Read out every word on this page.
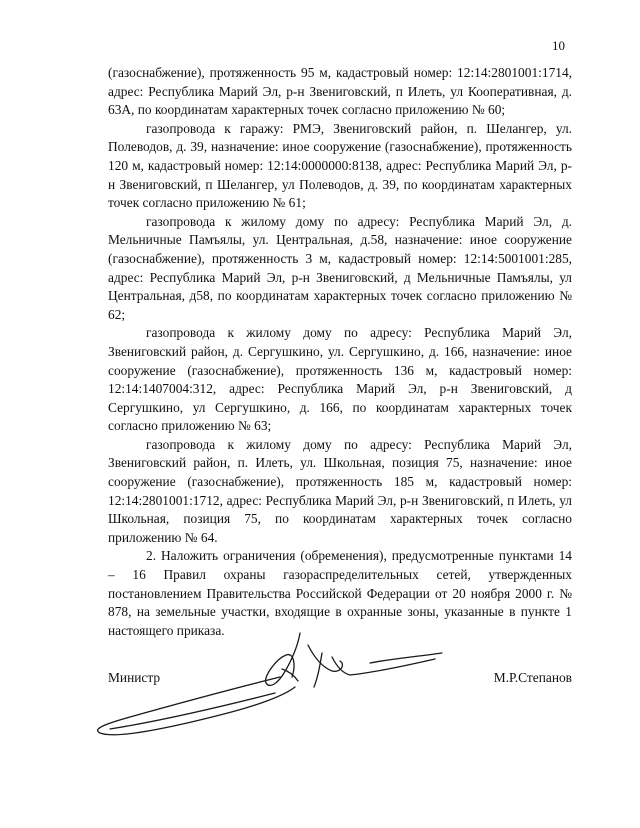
10

(газоснабжение), протяженность 95 м, кадастровый номер: 12:14:2801001:1714, адрес: Республика Марий Эл, р-н Звениговский, п Илеть, ул Кооперативная, д. 63А, по координатам характерных точек согласно приложению № 60;

газопровода к гаражу: РМЭ, Звениговский район, п. Шелангер, ул. Полеводов, д. 39, назначение: иное сооружение (газоснабжение), протяженность 120 м, кадастровый номер: 12:14:0000000:8138, адрес: Республика Марий Эл, р-н Звениговский, п Шелангер, ул Полеводов, д. 39, по координатам характерных точек согласно приложению № 61;

газопровода к жилому дому по адресу: Республика Марий Эл, д. Мельничные Памъялы, ул. Центральная, д.58, назначение: иное сооружение (газоснабжение), протяженность 3 м, кадастровый номер: 12:14:5001001:285, адрес: Республика Марий Эл, р-н Звениговский, д Мельничные Памъялы, ул Центральная, д58, по координатам характерных точек согласно приложению № 62;

газопровода к жилому дому по адресу: Республика Марий Эл, Звениговский район, д. Сергушкино, ул. Сергушкино, д. 166, назначение: иное сооружение (газоснабжение), протяженность 136 м, кадастровый номер: 12:14:1407004:312, адрес: Республика Марий Эл, р-н Звениговский, д Сергушкино, ул Сергушкино, д. 166, по координатам характерных точек согласно приложению № 63;

газопровода к жилому дому по адресу: Республика Марий Эл, Звениговский район, п. Илеть, ул. Школьная, позиция 75, назначение: иное сооружение (газоснабжение), протяженность 185 м, кадастровый номер: 12:14:2801001:1712, адрес: Республика Марий Эл, р-н Звениговский, п Илеть, ул Школьная, позиция 75, по координатам характерных точек согласно приложению № 64.

2. Наложить ограничения (обременения), предусмотренные пунктами 14 – 16 Правил охраны газораспределительных сетей, утвержденных постановлением Правительства Российской Федерации от 20 ноября 2000 г. № 878, на земельные участки, входящие в охранные зоны, указанные в пункте 1 настоящего приказа.

Министр	М.Р.Степанов
